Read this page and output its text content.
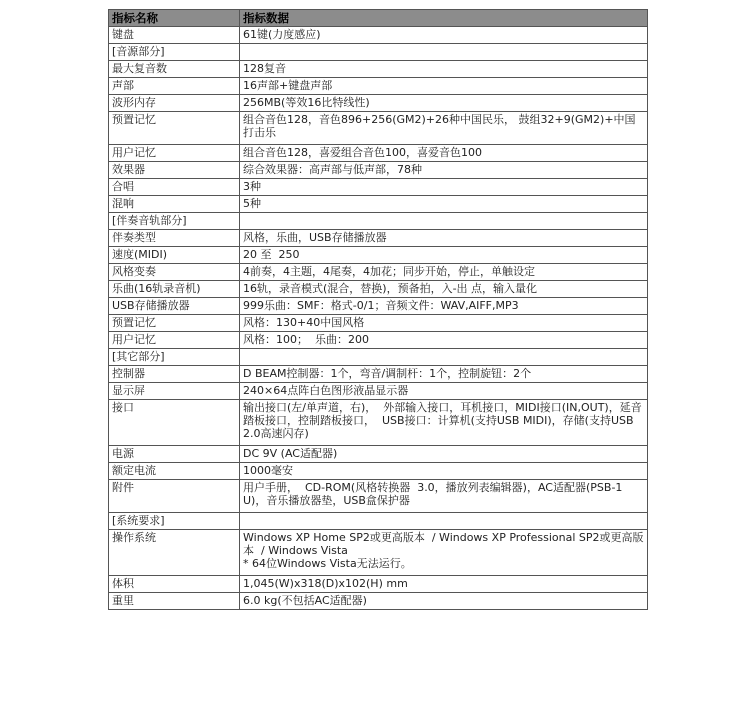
指标名称	指标数据
键盘	61键(力度感应)
[音源部分]	
最大复音数	128复音
声部	16声部+键盘声部
波形内存	256MB(等效16比特线性)
预置记忆	组合音色128，音色896+256(GM2)+26种中国民乐， 鼓组32+9(GM2)+中国打击乐
用户记忆	组合音色128，喜爱组合音色100，喜爱音色100
效果器	综合效果器：高声部与低声部，78种
合唱	3种
混响	5种
[伴奏音轨部分]	
伴奏类型	风格，乐曲，USB存储播放器
速度(MIDI)	20 至  250
风格变奏	4前奏，4主题，4尾奏，4加花；同步开始，停止，单触设定
乐曲(16轨录音机)	16轨，录音模式(混合，替换)，预备拍，入-出 点，输入量化
USB存储播放器	999乐曲：SMF：格式-0/1；音频文件：WAV,AIFF,MP3
预置记忆	风格：130+40中国风格
用户记忆	风格：100；  乐曲：200
[其它部分]	
控制器	D BEAM控制器：1个，弯音/调制杆：1个，控制旋钮：2个
显示屏	240×64点阵白色图形液晶显示器
接口	输出接口(左/单声道，右)，  外部输入接口，耳机接口，MIDI接口(IN,OUT)，延音踏板接口，控制踏板接口，  USB接口：计算机(支持USB MIDI)，存储(支持USB 2.0高速闪存)
电源	DC 9V (AC适配器)
额定电流	1000毫安
附件	用户手册，  CD-ROM(风格转换器  3.0，播放列表编辑器)，AC适配器(PSB-1U)，音乐播放器垫，USB盒保护器
[系统要求]	
操作系统	Windows XP Home SP2或更高版本  / Windows XP Professional SP2或更高版本  / Windows Vista
* 64位Windows Vista无法运行。
体积	1,045(W)x318(D)x102(H) mm
重里	6.0 kg(不包括AC适配器)
